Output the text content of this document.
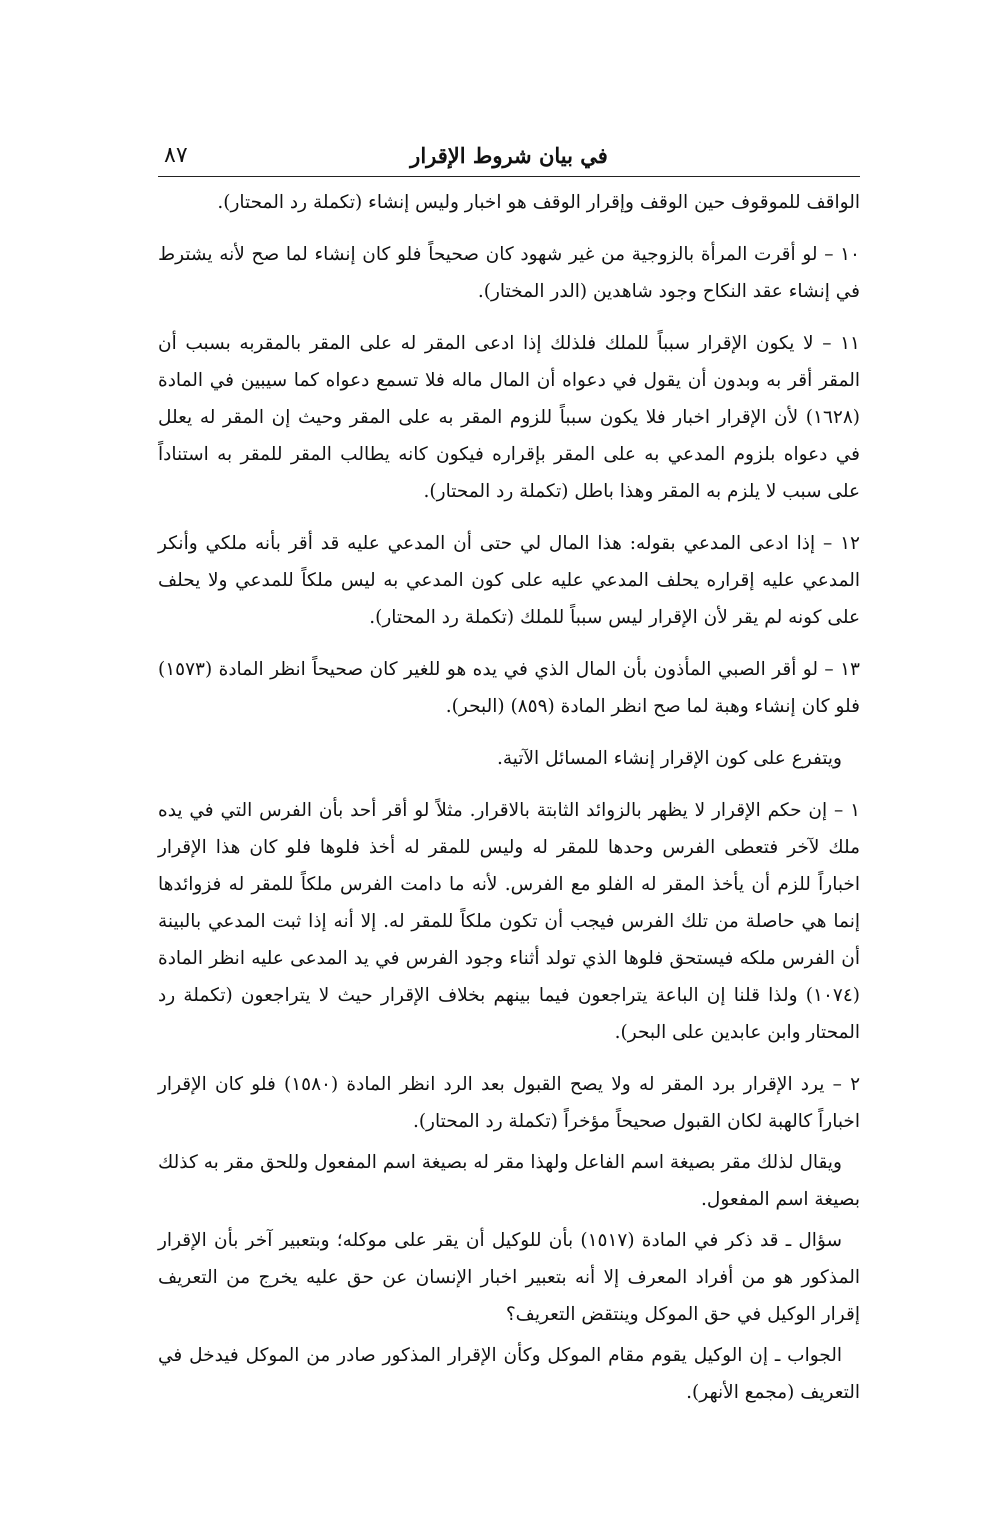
في بيان شروط الإقرار
٨٧

الواقف للموقوف حين الوقف وإقرار الوقف هو اخبار وليس إنشاء (تكملة رد المحتار).

١٠ – لو أقرت المرأة بالزوجية من غير شهود كان صحيحاً فلو كان إنشاء لما صح لأنه يشترط في إنشاء عقد النكاح وجود شاهدين (الدر المختار).

١١ – لا يكون الإقرار سبباً للملك فلذلك إذا ادعى المقر له على المقر بالمقربه بسبب أن المقر أقر به وبدون أن يقول في دعواه أن المال ماله فلا تسمع دعواه كما سيبين في المادة (١٦٢٨) لأن الإقرار اخبار فلا يكون سبباً للزوم المقر به على المقر وحيث إن المقر له يعلل في دعواه بلزوم المدعي به على المقر بإقراره فيكون كانه يطالب المقر للمقر به استناداً على سبب لا يلزم به المقر وهذا باطل (تكملة رد المحتار).

١٢ – إذا ادعى المدعي بقوله: هذا المال لي حتى أن المدعي عليه قد أقر بأنه ملكي وأنكر المدعي عليه إقراره يحلف المدعي عليه على كون المدعي به ليس ملكاً للمدعي ولا يحلف على كونه لم يقر لأن الإقرار ليس سبباً للملك (تكملة رد المحتار).

١٣ – لو أقر الصبي المأذون بأن المال الذي في يده هو للغير كان صحيحاً انظر المادة (١٥٧٣) فلو كان إنشاء وهبة لما صح انظر المادة (٨٥٩) (البحر).

ويتفرع على كون الإقرار إنشاء المسائل الآتية.

١ – إن حكم الإقرار لا يظهر بالزوائد الثابتة بالاقرار. مثلاً لو أقر أحد بأن الفرس التي في يده ملك لآخر فتعطى الفرس وحدها للمقر له وليس للمقر له أخذ فلوها فلو كان هذا الإقرار اخباراً للزم أن يأخذ المقر له الفلو مع الفرس. لأنه ما دامت الفرس ملكاً للمقر له فزوائدها إنما هي حاصلة من تلك الفرس فيجب أن تكون ملكاً للمقر له. إلا أنه إذا ثبت المدعي بالبينة أن الفرس ملكه فيستحق فلوها الذي تولد أثناء وجود الفرس في يد المدعى عليه انظر المادة (١٠٧٤) ولذا قلنا إن الباعة يتراجعون فيما بينهم بخلاف الإقرار حيث لا يتراجعون (تكملة رد المحتار وابن عابدين على البحر).

٢ – يرد الإقرار برد المقر له ولا يصح القبول بعد الرد انظر المادة (١٥٨٠) فلو كان الإقرار اخباراً كالهبة لكان القبول صحيحاً مؤخراً (تكملة رد المحتار).

ويقال لذلك مقر بصيغة اسم الفاعل ولهذا مقر له بصيغة اسم المفعول وللحق مقر به كذلك بصيغة اسم المفعول.

سؤال ـ قد ذكر في المادة (١٥١٧) بأن للوكيل أن يقر على موكله؛ وبتعبير آخر بأن الإقرار المذكور هو من أفراد المعرف إلا أنه بتعبير اخبار الإنسان عن حق عليه يخرج من التعريف إقرار الوكيل في حق الموكل وينتقض التعريف؟

الجواب ـ إن الوكيل يقوم مقام الموكل وكأن الإقرار المذكور صادر من الموكل فيدخل في التعريف (مجمع الأنهر).
